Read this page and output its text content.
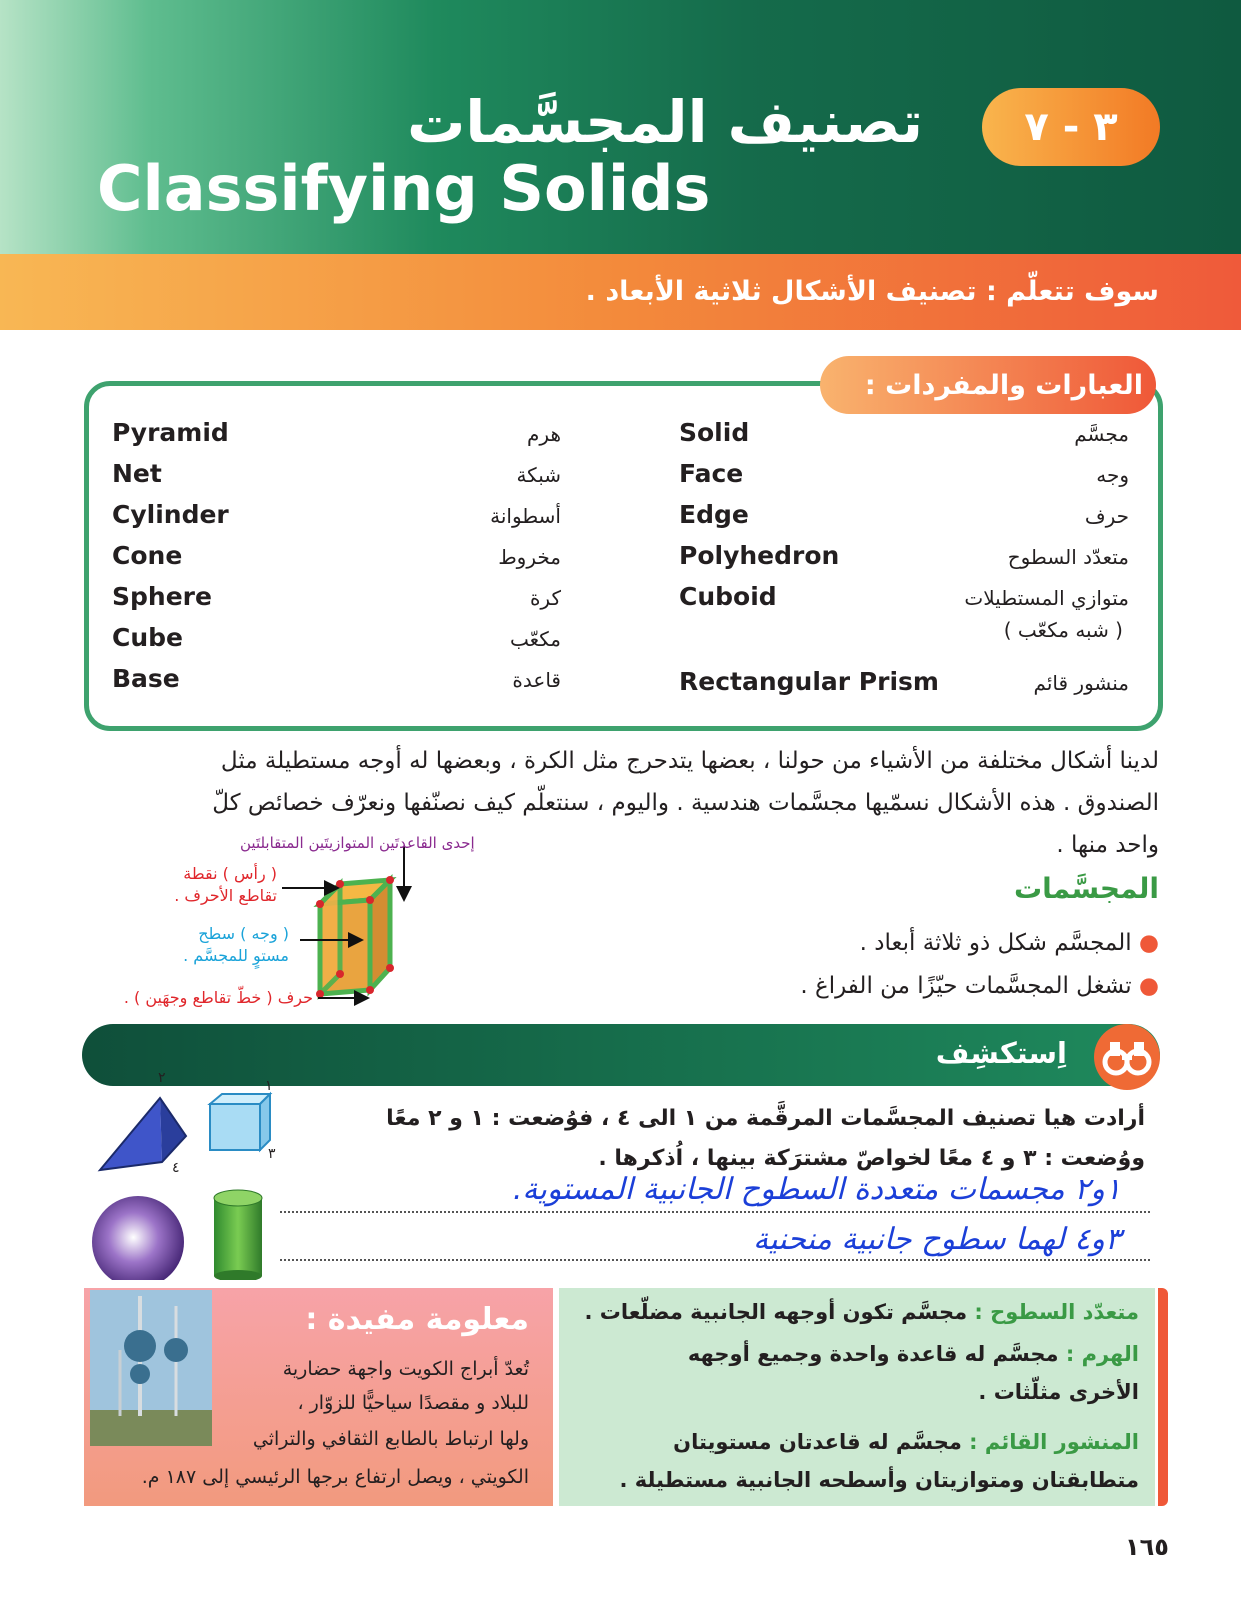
٣ - ٧
تصنيف المجسَّمات
Classifying Solids
سوف تتعلّم : تصنيف الأشكال ثلاثية الأبعاد .
العبارات والمفردات :
Pyramid	هرم
Net	شبكة
Cylinder	أسطوانة
Cone	مخروط
Sphere	كرة
Cube	مكعّب
Base	قاعدة
Solid	مجسَّم
Face	وجه
Edge	حرف
Polyhedron	متعدّد السطوح
Cuboid	متوازي المستطيلات
( شبه مكعّب )
Rectangular Prism	منشور قائم
لدينا أشكال مختلفة من الأشياء من حولنا ، بعضها يتدحرج مثل الكرة ، وبعضها له أوجه مستطيلة مثل
الصندوق . هذه الأشكال نسمّيها مجسَّمات هندسية . واليوم ، سنتعلّم كيف نصنّفها ونعرّف خصائص كلّ
واحد منها .
المجسَّمات
● المجسَّم شكل ذو ثلاثة أبعاد .
● تشغل المجسَّمات حيّزًا من الفراغ .
إحدى القاعدتَين المتوازيتَين المتقابلتَين
( رأس ) نقطة
تقاطع الأحرف .
( وجه ) سطح
مستوٍ للمجسَّم .
حرف ( خطّ تقاطع وجهَين ) .
اِستكشِف
أرادت هيا تصنيف المجسَّمات المرقَّمة من ١ الى ٤ ، فوُضعت : ١ و ٢ معًا
ووُضعت : ٣ و ٤ معًا لخواصّ مشترَكة بينها ، اُذكرها .
١و٢ مجسمات متعددة السطوح الجانبية المستوية.
٣و٤ لهما سطوح جانبية منحنية
١
٢
٣
٤
معلومة مفيدة :
تُعدّ أبراج الكويت واجهة حضارية
للبلاد و مقصدًا سياحيًّا للزوّار ،
ولها ارتباط بالطابع الثقافي والتراثي
الكويتي ، ويصل ارتفاع برجها الرئيسي إلى ١٨٧ م.
متعدّد السطوح : مجسَّم تكون أوجهه الجانبية مضلّعات .
الهرم : مجسَّم له قاعدة واحدة وجميع أوجهه
الأخرى مثلّثات .
المنشور القائم : مجسَّم له قاعدتان مستويتان
متطابقتان ومتوازيتان وأسطحه الجانبية مستطيلة .
١٦٥
